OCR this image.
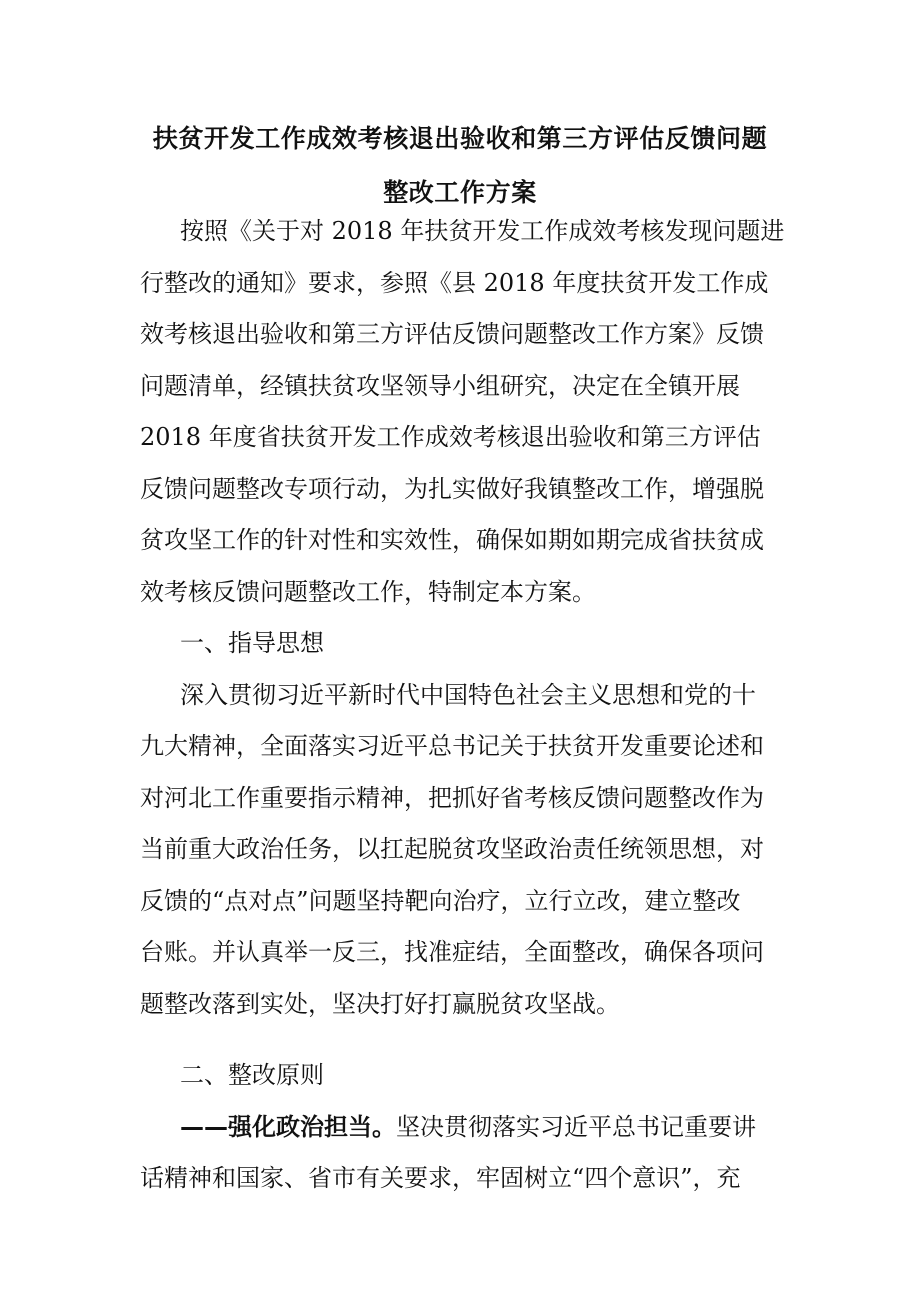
扶贫开发工作成效考核退出验收和第三方评估反馈问题
整改工作方案
按照《关于对 2018 年扶贫开发工作成效考核发现问题进
行整改的通知》要求，参照《县 2018 年度扶贫开发工作成
效考核退出验收和第三方评估反馈问题整改工作方案》反馈
问题清单，经镇扶贫攻坚领导小组研究，决定在全镇开展
2018 年度省扶贫开发工作成效考核退出验收和第三方评估
反馈问题整改专项行动，为扎实做好我镇整改工作，增强脱
贫攻坚工作的针对性和实效性，确保如期如期完成省扶贫成
效考核反馈问题整改工作，特制定本方案。
一、指导思想
深入贯彻习近平新时代中国特色社会主义思想和党的十
九大精神，全面落实习近平总书记关于扶贫开发重要论述和
对河北工作重要指示精神，把抓好省考核反馈问题整改作为
当前重大政治任务，以扛起脱贫攻坚政治责任统领思想，对
反馈的“点对点”问题坚持靶向治疗，立行立改，建立整改
台账。并认真举一反三，找准症结，全面整改，确保各项问
题整改落到实处，坚决打好打赢脱贫攻坚战。
二、整改原则
——强化政治担当。坚决贯彻落实习近平总书记重要讲
话精神和国家、省市有关要求，牢固树立“四个意识”，充
